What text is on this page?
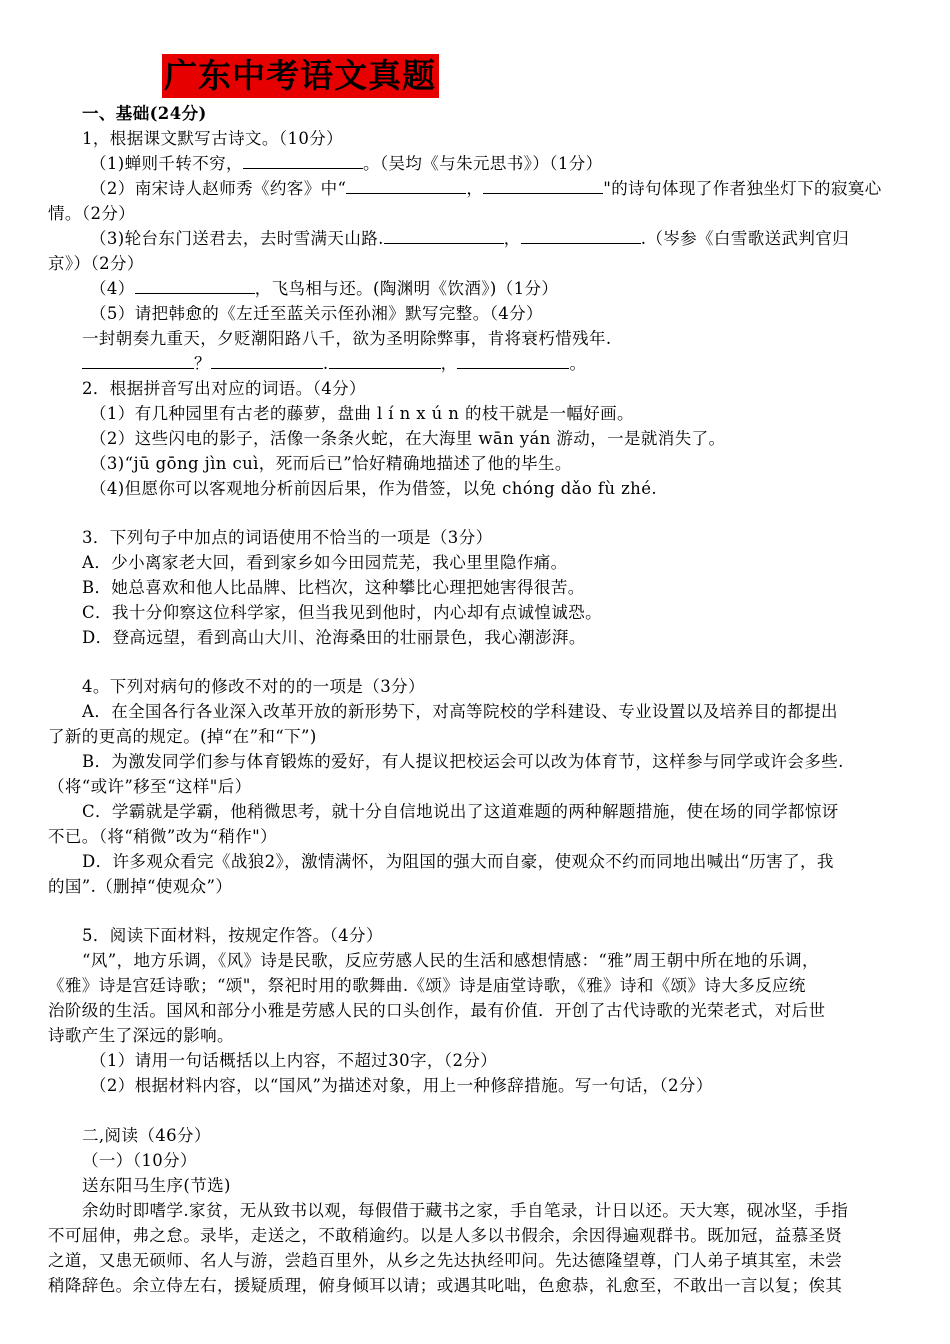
广东中考语文真题
一、基础(24分)
1，根据课文默写古诗文。（10分）
（1)蝉则千转不穷，	。（吴均《与朱元思书》）（1分）
（2）南宋诗人赵师秀《约客》中“	，	"的诗句体现了作者独坐灯下的寂寞心
情。（2分）
（3)轮台东门送君去，去时雪满天山路.	，	.（岑参《白雪歌送武判官归
京》）（2分）
（4）	，飞鸟相与还。(陶渊明《饮酒》)（1分）
（5）请把韩愈的《左迁至蓝关示侄孙湘》默写完整。（4分）
一封朝奏九重天，夕贬潮阳路八千，欲为圣明除弊事，肯将衰朽惜残年.
？	.	，	。
2．根据拼音写出对应的词语。（4分）
（1）有几种园里有古老的藤萝，盘曲 l í n x ú n 的枝干就是一幅好画。
（2）这些闪电的影子，活像一条条火蛇，在大海里 wān yán 游动，一是就消失了。
（3)“jū gōng jìn cuì，死而后已”恰好精确地描述了他的毕生。
（4)但愿你可以客观地分析前因后果，作为借签，以免 chóng dǎo fù zhé.
3．下列句子中加点的词语使用不恰当的一项是（3分）
A．少小离家老大回，看到家乡如今田园荒芜，我心里里隐作痛。
B．她总喜欢和他人比品牌、比档次，这种攀比心理把她害得很苦。
C．我十分仰察这位科学家，但当我见到他时，内心却有点诚惶诚恐。
D．登高远望，看到高山大川、沧海桑田的壮丽景色，我心潮澎湃。
4。下列对病句的修改不对的的一项是（3分）
A．在全国各行各业深入改革开放的新形势下，对高等院校的学科建设、专业设置以及培养目的都提出
了新的更高的规定。(掉“在”和“下”)
B．为激发同学们参与体育锻炼的爱好，有人提议把校运会可以改为体育节，这样参与同学或许会多些.
（将“或许”移至“这样"后）
C．学霸就是学霸，他稍微思考，就十分自信地说出了这道难题的两种解题措施，使在场的同学都惊讶
不已。（将“稍微”改为“稍作"）
D．许多观众看完《战狼2》，激情满怀，为阻国的强大而自豪，使观众不约而同地出喊出“历害了，我
的国”.（删掉“使观众”）
5．阅读下面材料，按规定作答。（4分）
“风”，地方乐调，《风》诗是民歌，反应劳感人民的生活和感想情感：“雅”周王朝中所在地的乐调，
《雅》诗是宫廷诗歌；“颂"，祭祀时用的歌舞曲.《颂》诗是庙堂诗歌，《雅》诗和《颂》诗大多反应统
治阶级的生活。国风和部分小雅是劳感人民的口头创作，最有价值．开创了古代诗歌的光荣老式，对后世
诗歌产生了深远的影响。
（1）请用一句话概括以上内容，不超过30字，（2分）
（2）根据材料内容，以“国风”为描述对象，用上一种修辞措施。写一句话，（2分）
二,阅读（46分）
（一）（10分）
送东阳马生序(节选)
余幼时即嗜学.家贫，无从致书以观，每假借于藏书之家，手自笔录，计日以还。天大寒，砚冰坚，手指
不可屈伸，弗之怠。录毕，走送之，不敢稍逾约。以是人多以书假余，余因得遍观群书。既加冠，益慕圣贤
之道，又患无硕师、名人与游，尝趋百里外，从乡之先达执经叩问。先达德隆望尊，门人弟子填其室，未尝
稍降辞色。余立侍左右，援疑质理，俯身倾耳以请；或遇其叱咄，色愈恭，礼愈至，不敢出一言以复；俟其
